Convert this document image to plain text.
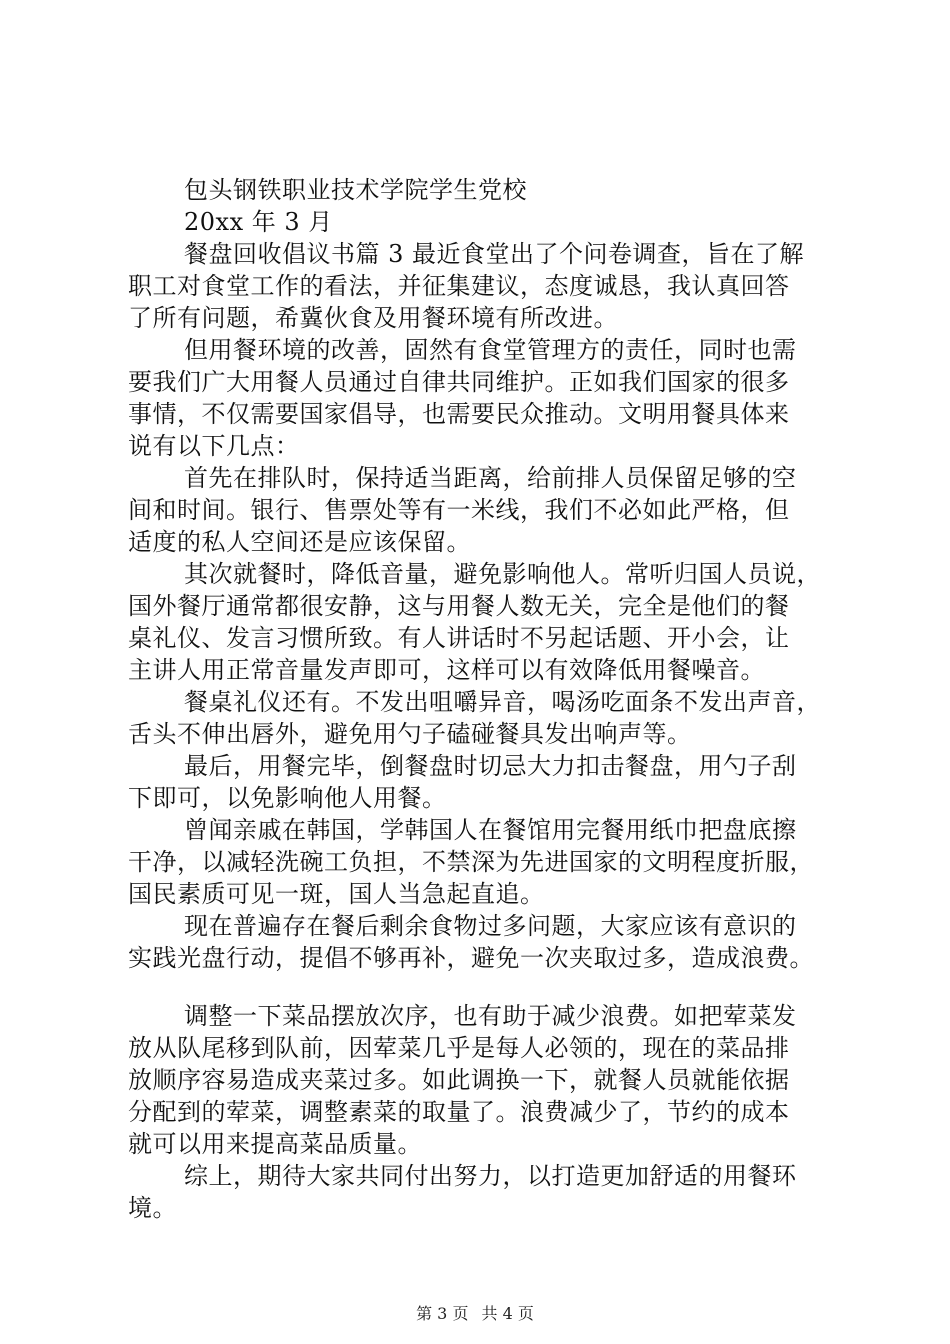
包头钢铁职业技术学院学生党校
20xx 年 3 月
餐盘回收倡议书篇 3 最近食堂出了个问卷调查，旨在了解
职工对食堂工作的看法，并征集建议，态度诚恳，我认真回答
了所有问题，希冀伙食及用餐环境有所改进。
但用餐环境的改善，固然有食堂管理方的责任，同时也需
要我们广大用餐人员通过自律共同维护。正如我们国家的很多
事情，不仅需要国家倡导，也需要民众推动。文明用餐具体来
说有以下几点：
首先在排队时，保持适当距离，给前排人员保留足够的空
间和时间。银行、售票处等有一米线，我们不必如此严格，但
适度的私人空间还是应该保留。
其次就餐时，降低音量，避免影响他人。常听归国人员说，
国外餐厅通常都很安静，这与用餐人数无关，完全是他们的餐
桌礼仪、发言习惯所致。有人讲话时不另起话题、开小会，让
主讲人用正常音量发声即可，这样可以有效降低用餐噪音。
餐桌礼仪还有。不发出咀嚼异音，喝汤吃面条不发出声音，
舌头不伸出唇外，避免用勺子磕碰餐具发出响声等。
最后，用餐完毕，倒餐盘时切忌大力扣击餐盘，用勺子刮
下即可，以免影响他人用餐。
曾闻亲戚在韩国，学韩国人在餐馆用完餐用纸巾把盘底擦
干净，以减轻洗碗工负担，不禁深为先进国家的文明程度折服，
国民素质可见一斑，国人当急起直追。
现在普遍存在餐后剩余食物过多问题，大家应该有意识的
实践光盘行动，提倡不够再补，避免一次夹取过多，造成浪费。
调整一下菜品摆放次序，也有助于减少浪费。如把荤菜发
放从队尾移到队前，因荤菜几乎是每人必领的，现在的菜品排
放顺序容易造成夹菜过多。如此调换一下，就餐人员就能依据
分配到的荤菜，调整素菜的取量了。浪费减少了，节约的成本
就可以用来提高菜品质量。
综上，期待大家共同付出努力，以打造更加舒适的用餐环
境。
第 3 页 共 4 页
